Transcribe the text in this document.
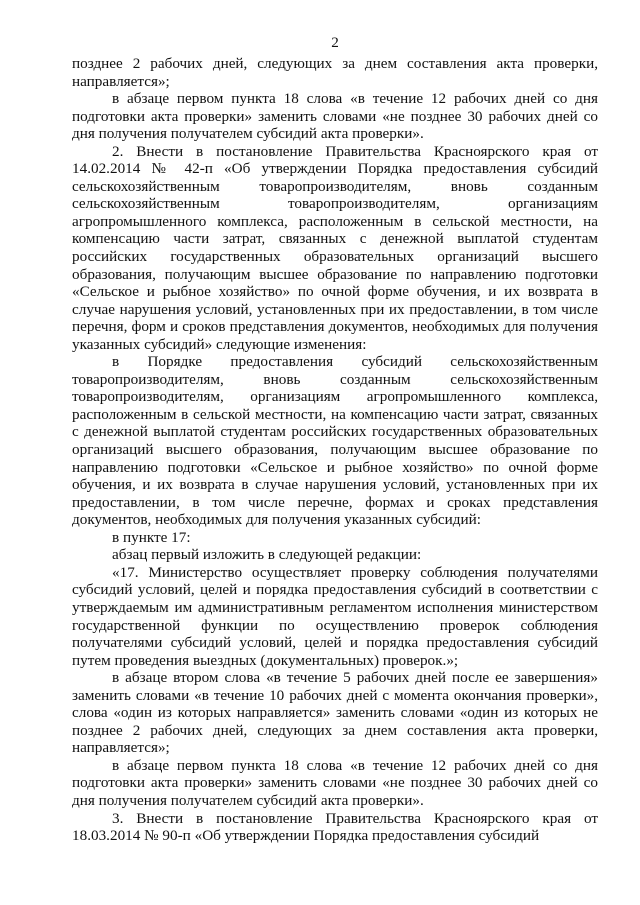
2

позднее 2 рабочих дней, следующих за днем составления акта проверки, направляется»;

в абзаце первом пункта 18 слова «в течение 12 рабочих дней со дня подготовки акта проверки» заменить словами «не позднее 30 рабочих дней со дня получения получателем субсидий акта проверки».

2. Внести в постановление Правительства Красноярского края от 14.02.2014 № 42-п «Об утверждении Порядка предоставления субсидий сельскохозяйственным товаропроизводителям, вновь созданным сельскохозяйственным товаропроизводителям, организациям агропромышленного комплекса, расположенным в сельской местности, на компенсацию части затрат, связанных с денежной выплатой студентам российских государственных образовательных организаций высшего образования, получающим высшее образование по направлению подготовки «Сельское и рыбное хозяйство» по очной форме обучения, и их возврата в случае нарушения условий, установленных при их предоставлении, в том числе перечня, форм и сроков представления документов, необходимых для получения указанных субсидий» следующие изменения:

в Порядке предоставления субсидий сельскохозяйственным товаропроизводителям, вновь созданным сельскохозяйственным товаропроизводителям, организациям агропромышленного комплекса, расположенным в сельской местности, на компенсацию части затрат, связанных с денежной выплатой студентам российских государственных образовательных организаций высшего образования, получающим высшее образование по направлению подготовки «Сельское и рыбное хозяйство» по очной форме обучения, и их возврата в случае нарушения условий, установленных при их предоставлении, в том числе перечне, формах и сроках представления документов, необходимых для получения указанных субсидий:

в пункте 17:

абзац первый изложить в следующей редакции:

«17. Министерство осуществляет проверку соблюдения получателями субсидий условий, целей и порядка предоставления субсидий в соответствии с утверждаемым им административным регламентом исполнения министерством государственной функции по осуществлению проверок соблюдения получателями субсидий условий, целей и порядка предоставления субсидий путем проведения выездных (документальных) проверок.»;

в абзаце втором слова «в течение 5 рабочих дней после ее завершения» заменить словами «в течение 10 рабочих дней с момента окончания проверки», слова «один из которых направляется» заменить словами «один из которых не позднее 2 рабочих дней, следующих за днем составления акта проверки, направляется»;

в абзаце первом пункта 18 слова «в течение 12 рабочих дней со дня подготовки акта проверки» заменить словами «не позднее 30 рабочих дней со дня получения получателем субсидий акта проверки».

3. Внести в постановление Правительства Красноярского края от 18.03.2014 № 90-п «Об утверждении Порядка предоставления субсидий
